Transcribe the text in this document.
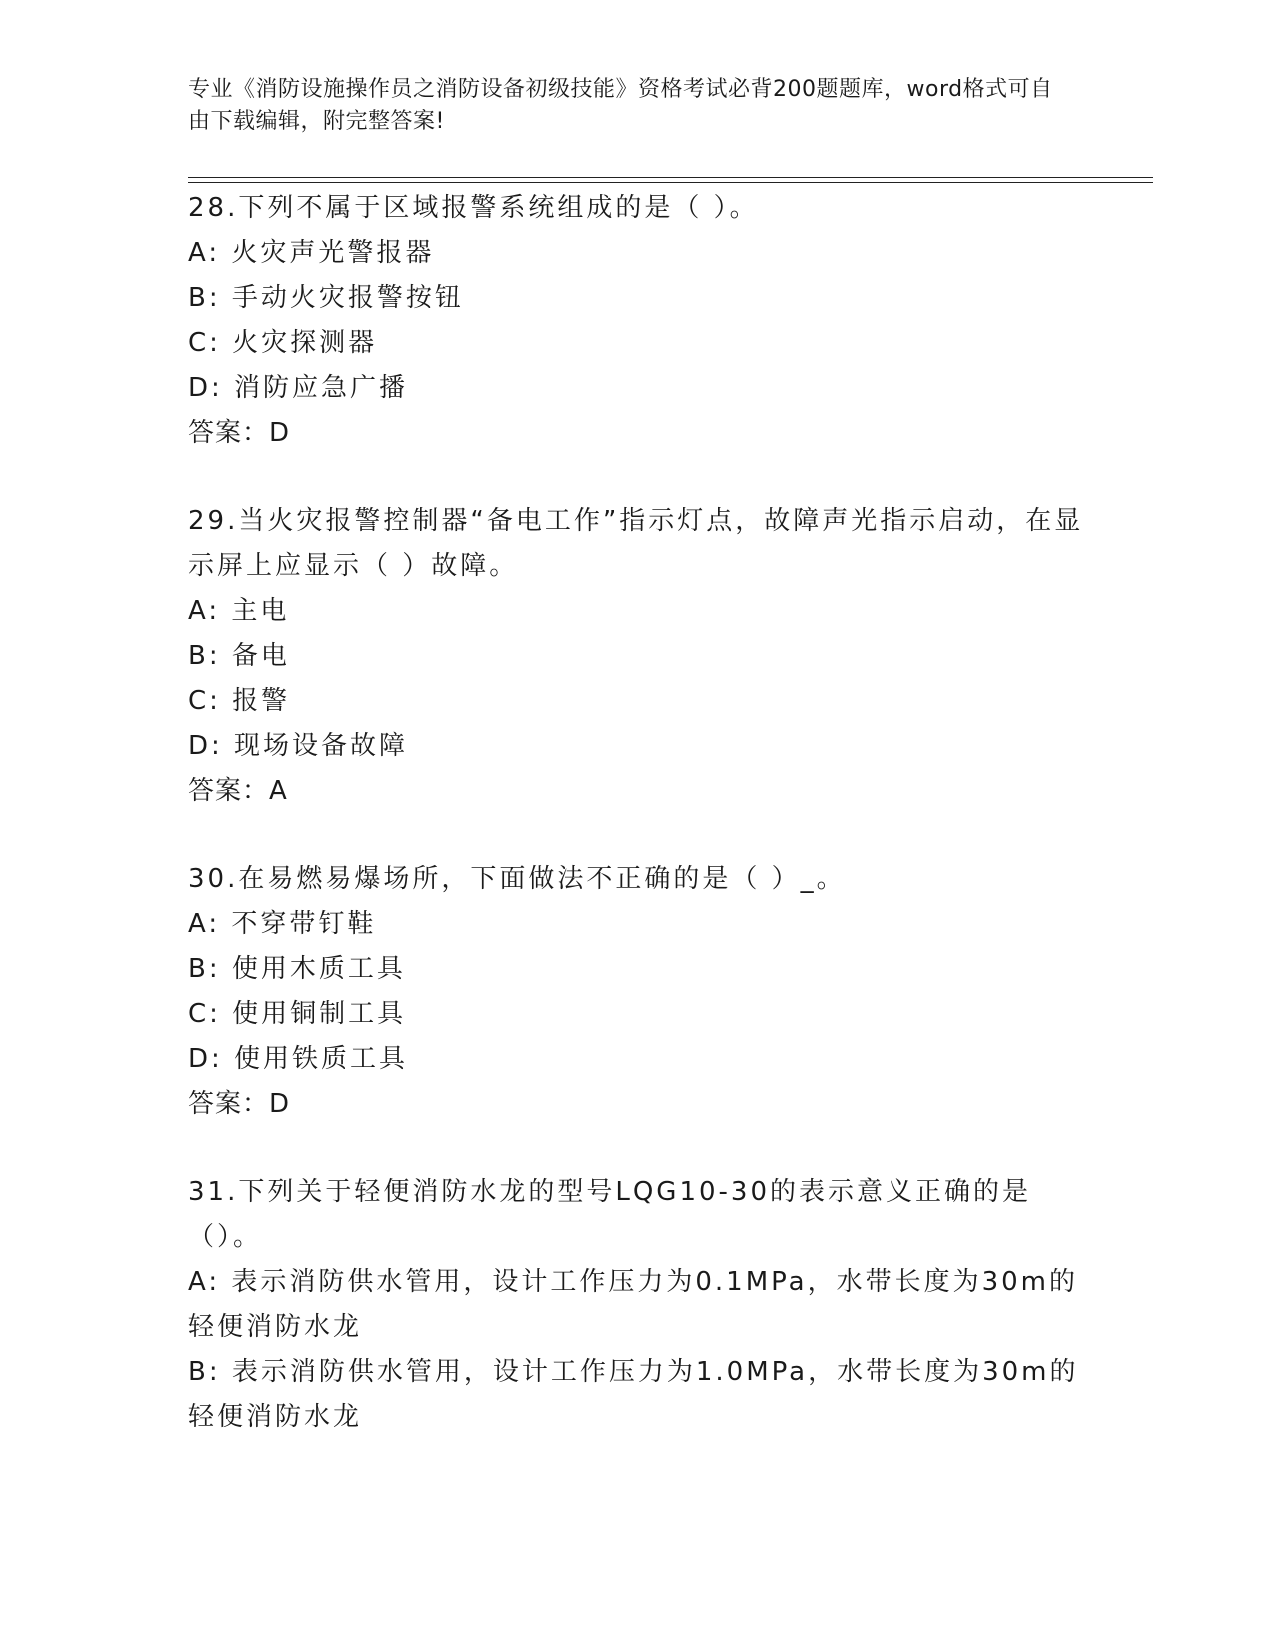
专业《消防设施操作员之消防设备初级技能》资格考试必背200题题库，word格式可自由下载编辑，附完整答案!
28.下列不属于区域报警系统组成的是（ ）。
A: 火灾声光警报器
B: 手动火灾报警按钮
C: 火灾探测器
D: 消防应急广播
答案：D
29.当火灾报警控制器“备电工作”指示灯点，故障声光指示启动，在显示屏上应显示（ ）故障。
A: 主电
B: 备电
C: 报警
D: 现场设备故障
答案：A
30.在易燃易爆场所，下面做法不正确的是（ ）_。
A: 不穿带钉鞋
B: 使用木质工具
C: 使用铜制工具
D: 使用铁质工具
答案：D
31.下列关于轻便消防水龙的型号LQG10-30的表示意义正确的是（）。
A: 表示消防供水管用，设计工作压力为0.1MPa，水带长度为30m的轻便消防水龙
B: 表示消防供水管用，设计工作压力为1.0MPa，水带长度为30m的轻便消防水龙
